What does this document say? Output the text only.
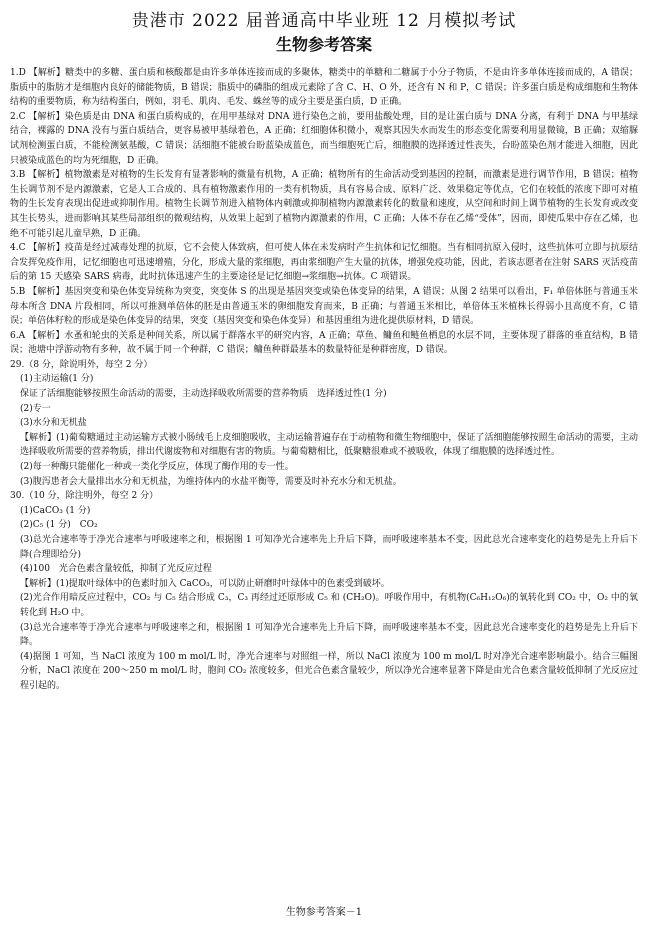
贵港市 2022 届普通高中毕业班 12 月模拟考试
生物参考答案

1.D 【解析】糖类中的多糖、蛋白质和核酸都是由许多单体连接而成的多聚体，糖类中的单糖和二糖属于小分子物质，不是由许多单体连接而成的，A 错误；脂质中的脂肪才是细胞内良好的储能物质，B 错误；脂质中的磷脂的组成元素除了含 C、H、O 外，还含有 N 和 P，C 错误；许多蛋白质是构成细胞和生物体结构的重要物质，称为结构蛋白，例如，羽毛、肌肉、毛发、蛛丝等的成分主要是蛋白质，D 正确。

2.C 【解析】染色质是由 DNA 和蛋白质构成的，在用甲基绿对 DNA 进行染色之前，要用盐酸处理，目的是让蛋白质与 DNA 分离，有利于 DNA 与甲基绿结合，裸露的 DNA 没有与蛋白质结合，更容易被甲基绿着色，A 正确；红细胞体积微小，观察其因失水而发生的形态变化需要利用显微镜，B 正确；双缩脲试剂检测蛋白质，不能检测氨基酸，C 错误；活细胞不能被台盼蓝染成蓝色，而当细胞死亡后，细胞膜的选择透过性丧失，台盼蓝染色剂才能进入细胞，因此只被染成蓝色的均为死细胞，D 正确。

3.B 【解析】植物激素是对植物的生长发育有显著影响的微量有机物，A 正确；植物所有的生命活动受到基因的控制，而激素是进行调节作用，B 错误；植物生长调节剂不是内源激素，它是人工合成的、具有植物激素作用的一类有机物质，具有容易合成、原料广泛、效果稳定等优点，它们在较低的浓度下即可对植物的生长发育表现出促进或抑制作用。植物生长调节剂进入植物体内刺激或抑制植物内源激素转化的数量和速度，从空间和时间上调节植物的生长发育或改变其生长势头，进而影响其某些局部组织的微观结构，从效果上起到了植物内源激素的作用，C 正确；人体不存在乙烯“受体”，因而，即使瓜果中存在乙烯，也绝不可能引起儿童早熟，D 正确。

4.C 【解析】疫苗是经过减毒处理的抗原，它不会使人体致病，但可使人体在未发病时产生抗体和记忆细胞。当有相同抗原入侵时，这些抗体可立即与抗原结合发挥免疫作用，记忆细胞也可迅速增殖，分化，形成大量的浆细胞，再由浆细胞产生大量的抗体，增强免疫功能，因此，若该志愿者在注射 SARS 灭活疫苗后的第 15 天感染 SARS 病毒，此时抗体迅速产生的主要途径是记忆细胞→浆细胞→抗体。C 项错误。

5.B 【解析】基因突变和染色体变异统称为突变，突变体 S 的出现是基因突变或染色体变异的结果，A 错误；从图 2 结果可以看出，F₁ 单倍体胚与普通玉米母本所含 DNA 片段相同，所以可推测单倍体的胚是由普通玉米的卵细胞发育而来，B 正确；与普通玉米相比，单倍体玉米植株长得弱小且高度不育，C 错误；单倍体籽粒的形成是染色体变异的结果，突变（基因突变和染色体变异）和基因重组为进化提供原材料，D 错误。

6.A 【解析】水蚤和轮虫的关系是种间关系，所以属于群落水平的研究内容，A 正确；草鱼、鳙鱼和鲢鱼栖息的水层不同，主要体现了群落的垂直结构，B 错误；池塘中浮游动物有多种，故不属于同一个种群，C 错误；鳙鱼种群最基本的数量特征是种群密度，D 错误。

29.（8 分，除说明外，每空 2 分）

(1)主动运输(1 分)

保证了活细胞能够按照生命活动的需要，主动选择吸收所需要的营养物质　选择透过性(1 分)

(2)专一

(3)水分和无机盐

【解析】(1)葡萄糖通过主动运输方式被小肠绒毛上皮细胞吸收，主动运输普遍存在于动植物和微生物细胞中，保证了活细胞能够按照生命活动的需要，主动选择吸收所需要的营养物质，排出代谢废物和对细胞有害的物质。与葡萄糖相比，低聚糖很难或不被吸收，体现了细胞膜的选择透过性。

(2)每一种酶只能催化一种或一类化学反应，体现了酶作用的专一性。

(3)腹泻患者会大量排出水分和无机盐，为维持体内的水盐平衡等，需要及时补充水分和无机盐。

30.（10 分，除注明外，每空 2 分）

(1)CaCO₃ (1 分)

(2)C₅ (1 分)　CO₂

(3)总光合速率等于净光合速率与呼吸速率之和，根据图 1 可知净光合速率先上升后下降，而呼吸速率基本不变，因此总光合速率变化的趋势是先上升后下降(合理即给分)

(4)100　光合色素含量较低，抑制了光反应过程

【解析】(1)提取叶绿体中的色素时加入 CaCO₃，可以防止研磨时叶绿体中的色素受到破坏。

(2)光合作用暗反应过程中，CO₂ 与 C₅ 结合形成 C₃，C₃ 再经过还原形成 C₅ 和 (CH₂O)。呼吸作用中，有机物(C₆H₁₂O₆)的氧转化到 CO₂ 中，O₂ 中的氧转化到 H₂O 中。

(3)总光合速率等于净光合速率与呼吸速率之和，根据图 1 可知净光合速率先上升后下降，而呼吸速率基本不变，因此总光合速率变化的趋势是先上升后下降。

(4)据图 1 可知，当 NaCl 浓度为 100 m mol/L 时，净光合速率与对照组一样，所以 NaCl 浓度为 100 m mol/L 时对净光合速率影响最小。结合三幅图分析，NaCl 浓度在 200～250 m mol/L 时，胞间 CO₂ 浓度较多，但光合色素含量较少，所以净光合速率显著下降是由光合色素含量较低抑制了光反应过程引起的。

生物参考答案－1
